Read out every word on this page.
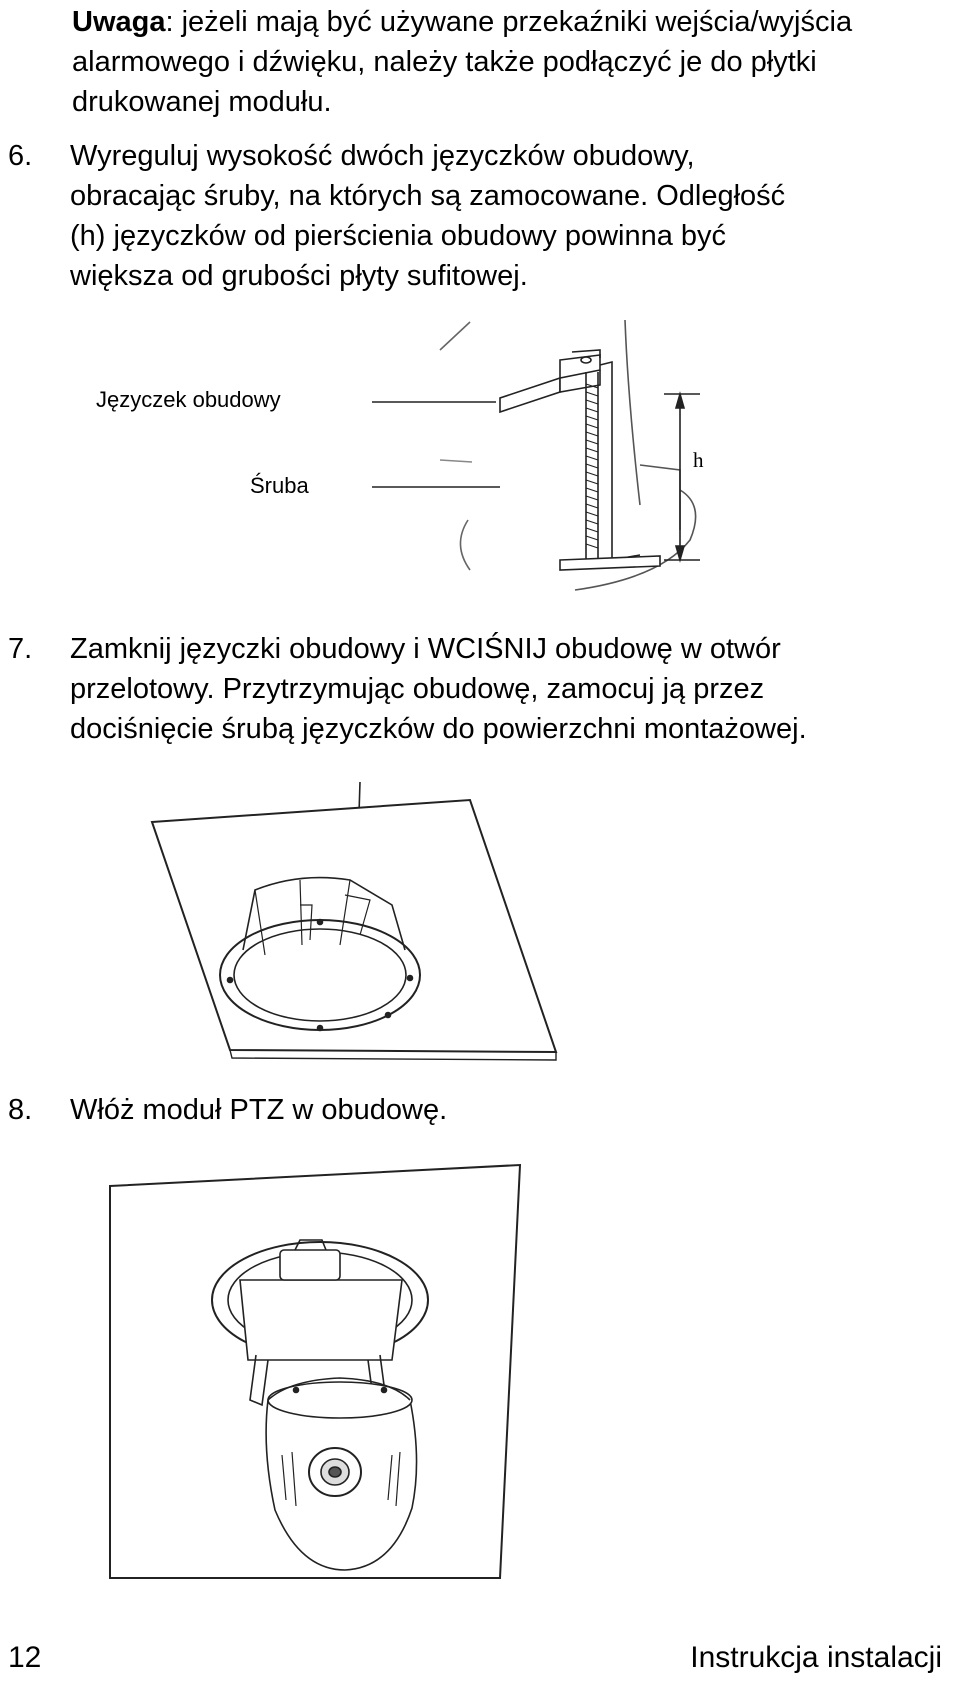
Uwaga: jeżeli mają być używane przekaźniki wejścia/wyjścia alarmowego i dźwięku, należy także podłączyć je do płytki drukowanej modułu.
6. Wyreguluj wysokość dwóch języczków obudowy,
obracając śruby, na których są zamocowane. Odległość
(h) języczków od pierścienia obudowy powinna być
większa od grubości płyty sufitowej.
Języczek obudowy
Śruba
h
7. Zamknij języczki obudowy i WCIŚNIJ obudowę w otwór
przelotowy. Przytrzymując obudowę, zamocuj ją przez
dociśnięcie śrubą języczków do powierzchni montażowej.
8. Włóż moduł PTZ w obudowę.
12	Instrukcja instalacji
